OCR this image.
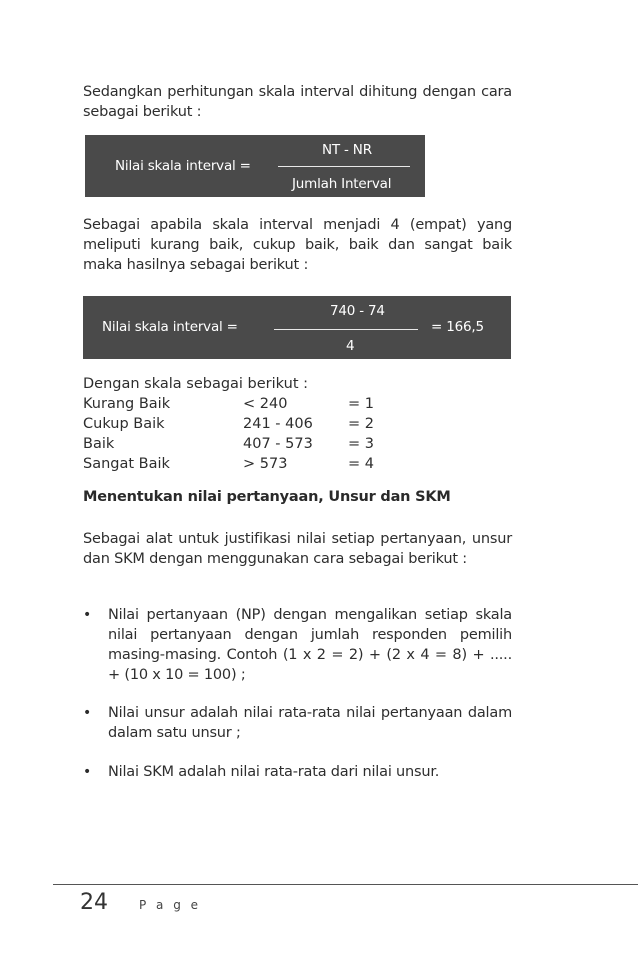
Sedangkan perhitungan skala interval dihitung dengan cara sebagai berikut :

Nilai skala interval =
NT - NR
Jumlah Interval

Sebagai apabila skala interval menjadi 4 (empat) yang meliputi kurang baik, cukup baik, baik dan sangat baik maka hasilnya sebagai berikut :

Nilai skala interval =
740 - 74
4
= 166,5
Dengan skala sebagai berikut :
Kurang Baik	< 240	= 1
Cukup Baik	241 - 406 = 2
Baik	407 - 573 = 3
Sangat Baik	> 573	= 4
Menentukan nilai pertanyaan, Unsur dan SKM

Sebagai alat untuk justifikasi nilai setiap pertanyaan, unsur dan SKM dengan menggunakan cara sebagai berikut :

• Nilai pertanyaan (NP) dengan mengalikan setiap skala nilai pertanyaan dengan jumlah responden pemilih masing-masing. Contoh (1 x 2 = 2) + (2 x 4 = 8) + ..... + (10 x 10 = 100) ;

• Nilai unsur adalah nilai rata-rata nilai pertanyaan dalam dalam satu unsur ;

• Nilai SKM adalah nilai rata-rata dari nilai unsur.

24	P a g e
